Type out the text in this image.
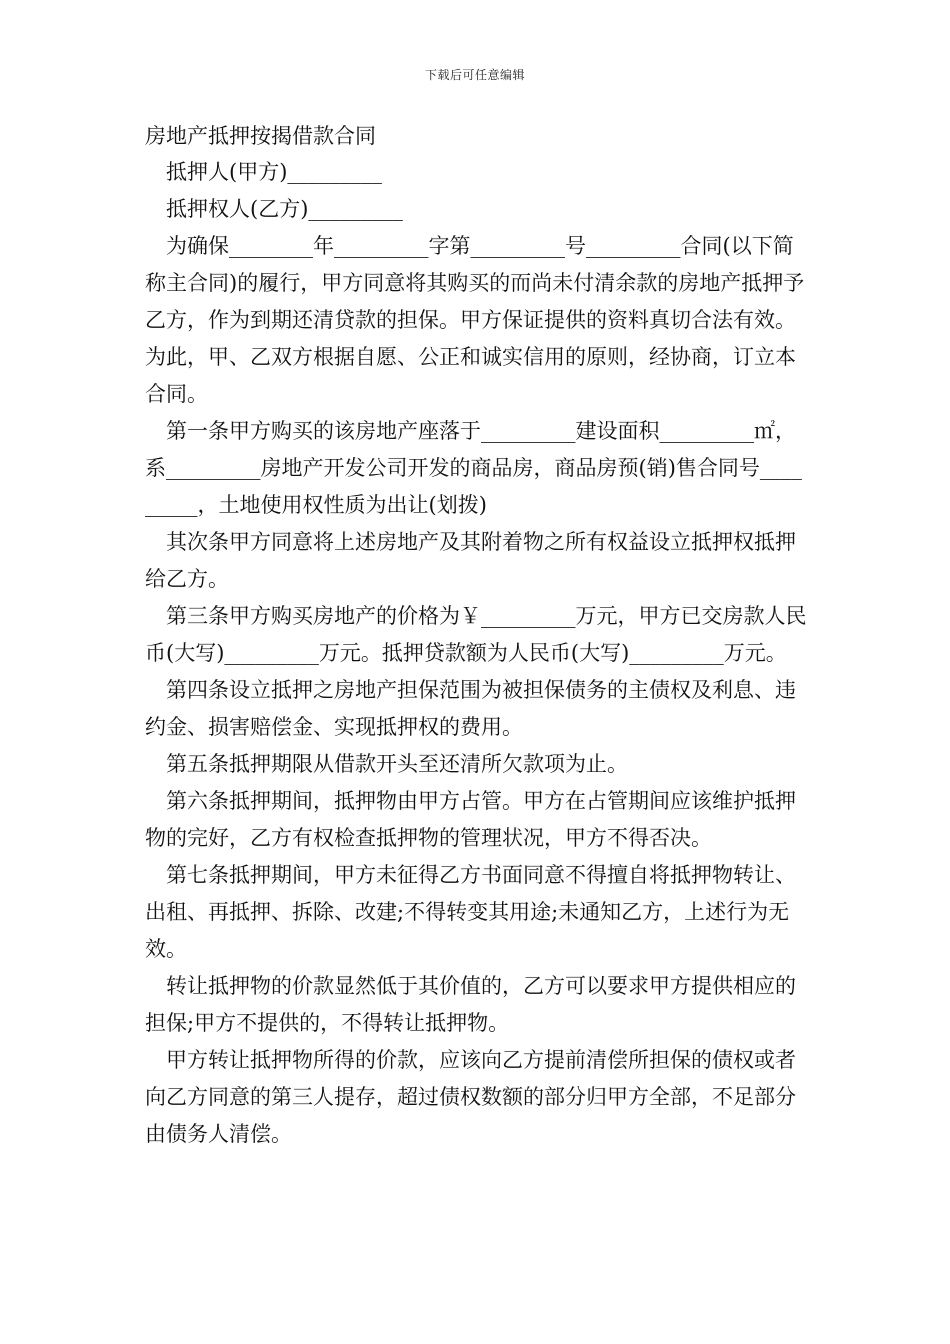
下载后可任意编辑

房地产抵押按揭借款合同

抵押人(甲方)_________

抵押权人(乙方)_________

为确保________年_________字第_________号_________合同(以下简称主合同)的履行，甲方同意将其购买的而尚未付清余款的房地产抵押予乙方，作为到期还清贷款的担保。甲方保证提供的资料真切合法有效。为此，甲、乙双方根据自愿、公正和诚实信用的原则，经协商，订立本合同。

第一条甲方购买的该房地产座落于_________建设面积_________㎡，系_________房地产开发公司开发的商品房，商品房预(销)售合同号_________，土地使用权性质为出让(划拨)

其次条甲方同意将上述房地产及其附着物之所有权益设立抵押权抵押给乙方。

第三条甲方购买房地产的价格为￥_________万元，甲方已交房款人民币(大写)_________万元。抵押贷款额为人民币(大写)_________万元。

第四条设立抵押之房地产担保范围为被担保债务的主债权及利息、违约金、损害赔偿金、实现抵押权的费用。

第五条抵押期限从借款开头至还清所欠款项为止。

第六条抵押期间，抵押物由甲方占管。甲方在占管期间应该维护抵押物的完好，乙方有权检查抵押物的管理状况，甲方不得否决。

第七条抵押期间，甲方未征得乙方书面同意不得擅自将抵押物转让、出租、再抵押、拆除、改建;不得转变其用途;未通知乙方，上述行为无效。

转让抵押物的价款显然低于其价值的，乙方可以要求甲方提供相应的担保;甲方不提供的，不得转让抵押物。

甲方转让抵押物所得的价款，应该向乙方提前清偿所担保的债权或者向乙方同意的第三人提存，超过债权数额的部分归甲方全部，不足部分由债务人清偿。
